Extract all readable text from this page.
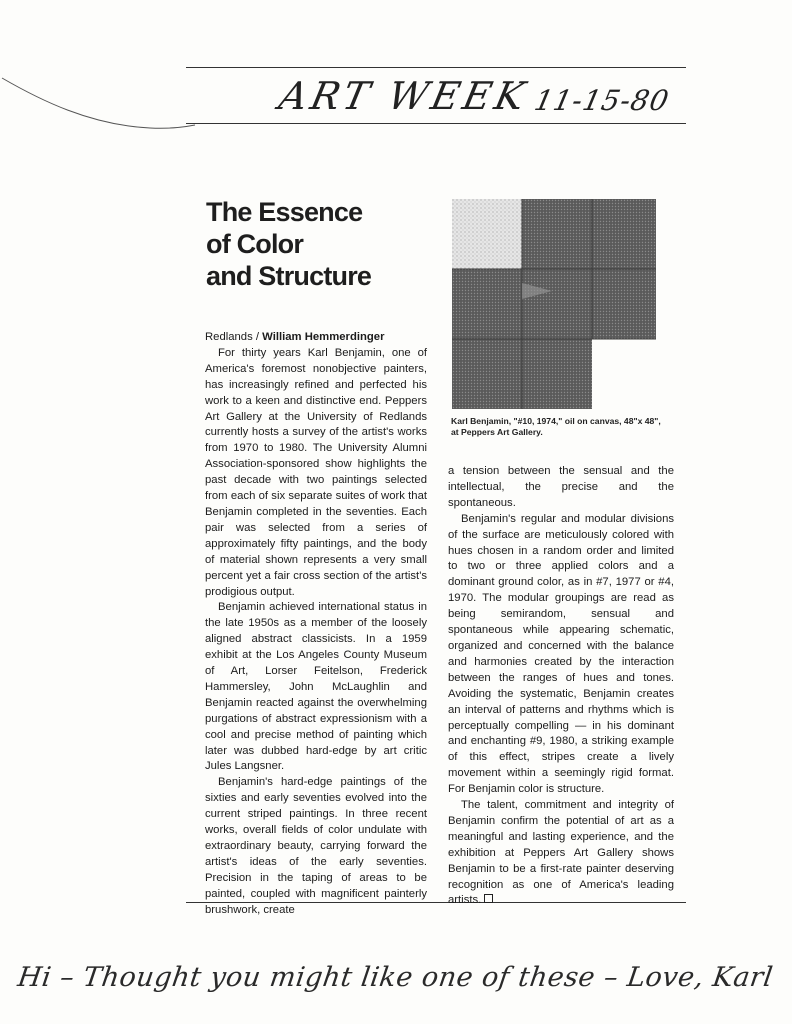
ART WEEK 11-15-80
The Essence
of Color
and Structure
Karl Benjamin, "#10, 1974," oil on canvas, 48"x 48", at Peppers Art Gallery.

Redlands / William Hemmerdinger

For thirty years Karl Benjamin, one of America's foremost nonobjective painters, has increasingly refined and perfected his work to a keen and distinctive end. Peppers Art Gallery at the University of Redlands currently hosts a survey of the artist's works from 1970 to 1980. The University Alumni Association-sponsored show highlights the past decade with two paintings selected from each of six separate suites of work that Benjamin completed in the seventies. Each pair was selected from a series of approximately fifty paintings, and the body of material shown represents a very small percent yet a fair cross section of the artist's prodigious output.

Benjamin achieved international status in the late 1950s as a member of the loosely aligned abstract classicists. In a 1959 exhibit at the Los Angeles County Museum of Art, Lorser Feitelson, Frederick Hammersley, John McLaughlin and Benjamin reacted against the overwhelming purgations of abstract expressionism with a cool and precise method of painting which later was dubbed hard-edge by art critic Jules Langsner.

Benjamin's hard-edge paintings of the sixties and early seventies evolved into the current striped paintings. In three recent works, overall fields of color undulate with extraordinary beauty, carrying forward the artist's ideas of the early seventies. Precision in the taping of areas to be painted, coupled with magnificent painterly brushwork, create

a tension between the sensual and the intellectual, the precise and the spontaneous.

Benjamin's regular and modular divisions of the surface are meticulously colored with hues chosen in a random order and limited to two or three applied colors and a dominant ground color, as in #7, 1977 or #4, 1970. The modular groupings are read as being semirandom, sensual and spontaneous while appearing schematic, organized and concerned with the balance and harmonies created by the interaction between the ranges of hues and tones. Avoiding the systematic, Benjamin creates an interval of patterns and rhythms which is perceptually compelling — in his dominant and enchanting #9, 1980, a striking example of this effect, stripes create a lively movement within a seemingly rigid format. For Benjamin color is structure.

The talent, commitment and integrity of Benjamin confirm the potential of art as a meaningful and lasting experience, and the exhibition at Peppers Art Gallery shows Benjamin to be a first-rate painter deserving recognition as one of America's leading artists.

Hi – Thought you might like one of these – Love, Karl
